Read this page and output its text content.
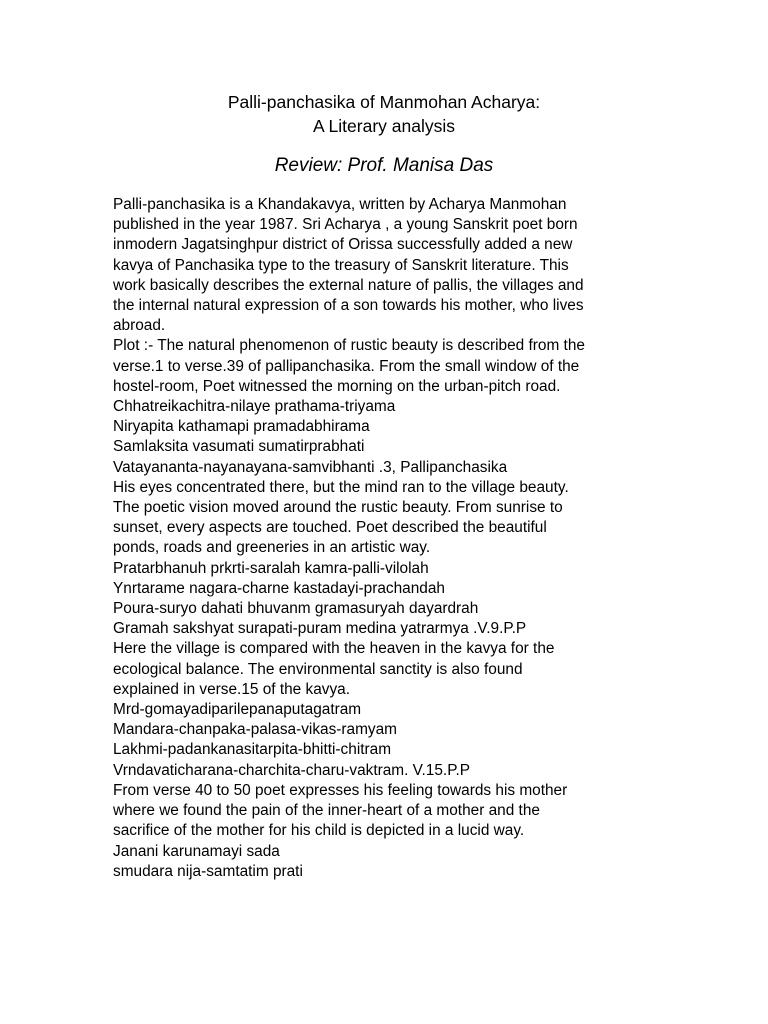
Palli-panchasika of Manmohan Acharya:
A Literary analysis
Review: Prof. Manisa Das
Palli-panchasika is a Khandakavya, written by Acharya Manmohan
published in the year 1987. Sri Acharya , a young Sanskrit poet born
inmodern Jagatsinghpur district of Orissa successfully added a new
kavya of Panchasika type to the treasury of Sanskrit literature. This
work basically describes the external nature of pallis, the villages and
the internal natural expression of a son towards his mother, who lives
abroad.
Plot :- The natural phenomenon of rustic beauty is described from the
verse.1 to verse.39 of pallipanchasika. From the small window of the
hostel-room, Poet witnessed the morning on the urban-pitch road.
Chhatreikachitra-nilaye prathama-triyama
Niryapita kathamapi pramadabhirama
Samlaksita vasumati sumatirprabhati
Vatayananta-nayanayana-samvibhanti .3, Pallipanchasika
His eyes concentrated there, but the mind ran to the village beauty.
The poetic vision moved around the rustic beauty. From sunrise to
sunset, every aspects are touched. Poet described the beautiful
ponds, roads and greeneries in an artistic way.
Pratarbhanuh prkrti-saralah kamra-palli-vilolah
Ynrtarame nagara-charne kastadayi-prachandah
Poura-suryo dahati bhuvanm gramasuryah dayardrah
Gramah sakshyat surapati-puram medina yatrarmya .V.9.P.P
Here the village is compared with the heaven in the kavya for the
ecological balance. The environmental sanctity is also found
explained in verse.15 of the kavya.
Mrd-gomayadiparilepanaputagatram
Mandara-chanpaka-palasa-vikas-ramyam
Lakhmi-padankanasitarpita-bhitti-chitram
Vrndavaticharana-charchita-charu-vaktram. V.15.P.P
From verse 40 to 50 poet expresses his feeling towards his mother
where we found the pain of the inner-heart of a mother and the
sacrifice of the mother for his child is depicted in a lucid way.
Janani karunamayi sada
smudara nija-samtatim prati
